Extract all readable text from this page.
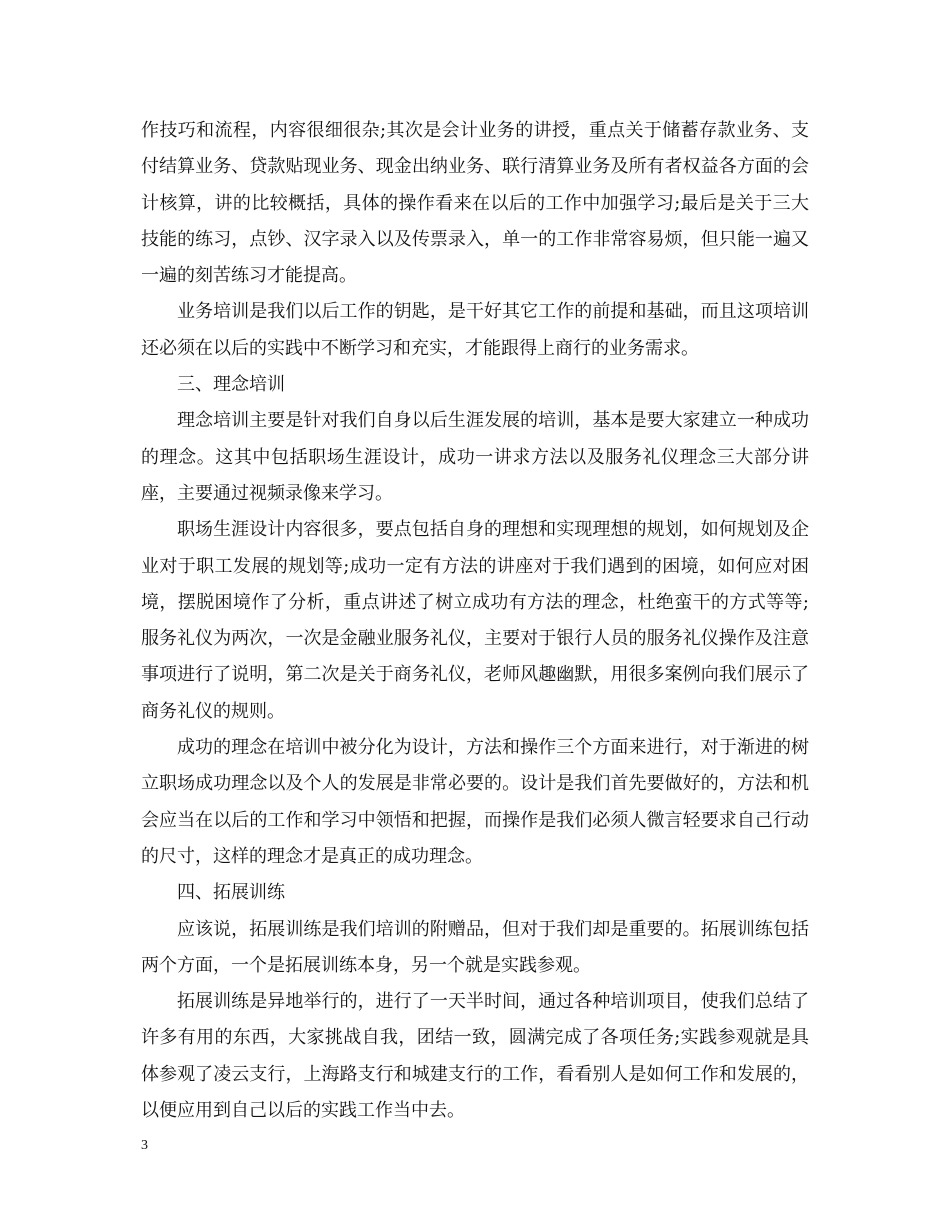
作技巧和流程，内容很细很杂;其次是会计业务的讲授，重点关于储蓄存款业务、支付结算业务、贷款贴现业务、现金出纳业务、联行清算业务及所有者权益各方面的会计核算，讲的比较概括，具体的操作看来在以后的工作中加强学习;最后是关于三大技能的练习，点钞、汉字录入以及传票录入，单一的工作非常容易烦，但只能一遍又一遍的刻苦练习才能提高。

业务培训是我们以后工作的钥匙，是干好其它工作的前提和基础，而且这项培训还必须在以后的实践中不断学习和充实，才能跟得上商行的业务需求。

三、理念培训

理念培训主要是针对我们自身以后生涯发展的培训，基本是要大家建立一种成功的理念。这其中包括职场生涯设计，成功一讲求方法以及服务礼仪理念三大部分讲座，主要通过视频录像来学习。

职场生涯设计内容很多，要点包括自身的理想和实现理想的规划，如何规划及企业对于职工发展的规划等;成功一定有方法的讲座对于我们遇到的困境，如何应对困境，摆脱困境作了分析，重点讲述了树立成功有方法的理念，杜绝蛮干的方式等等;服务礼仪为两次，一次是金融业服务礼仪，主要对于银行人员的服务礼仪操作及注意事项进行了说明，第二次是关于商务礼仪，老师风趣幽默，用很多案例向我们展示了商务礼仪的规则。

成功的理念在培训中被分化为设计，方法和操作三个方面来进行，对于渐进的树立职场成功理念以及个人的发展是非常必要的。设计是我们首先要做好的，方法和机会应当在以后的工作和学习中领悟和把握，而操作是我们必须人微言轻要求自己行动的尺寸，这样的理念才是真正的成功理念。

四、拓展训练

应该说，拓展训练是我们培训的附赠品，但对于我们却是重要的。拓展训练包括两个方面，一个是拓展训练本身，另一个就是实践参观。

拓展训练是异地举行的，进行了一天半时间，通过各种培训项目，使我们总结了许多有用的东西，大家挑战自我，团结一致，圆满完成了各项任务;实践参观就是具体参观了凌云支行，上海路支行和城建支行的工作，看看别人是如何工作和发展的，以便应用到自己以后的实践工作当中去。

3
